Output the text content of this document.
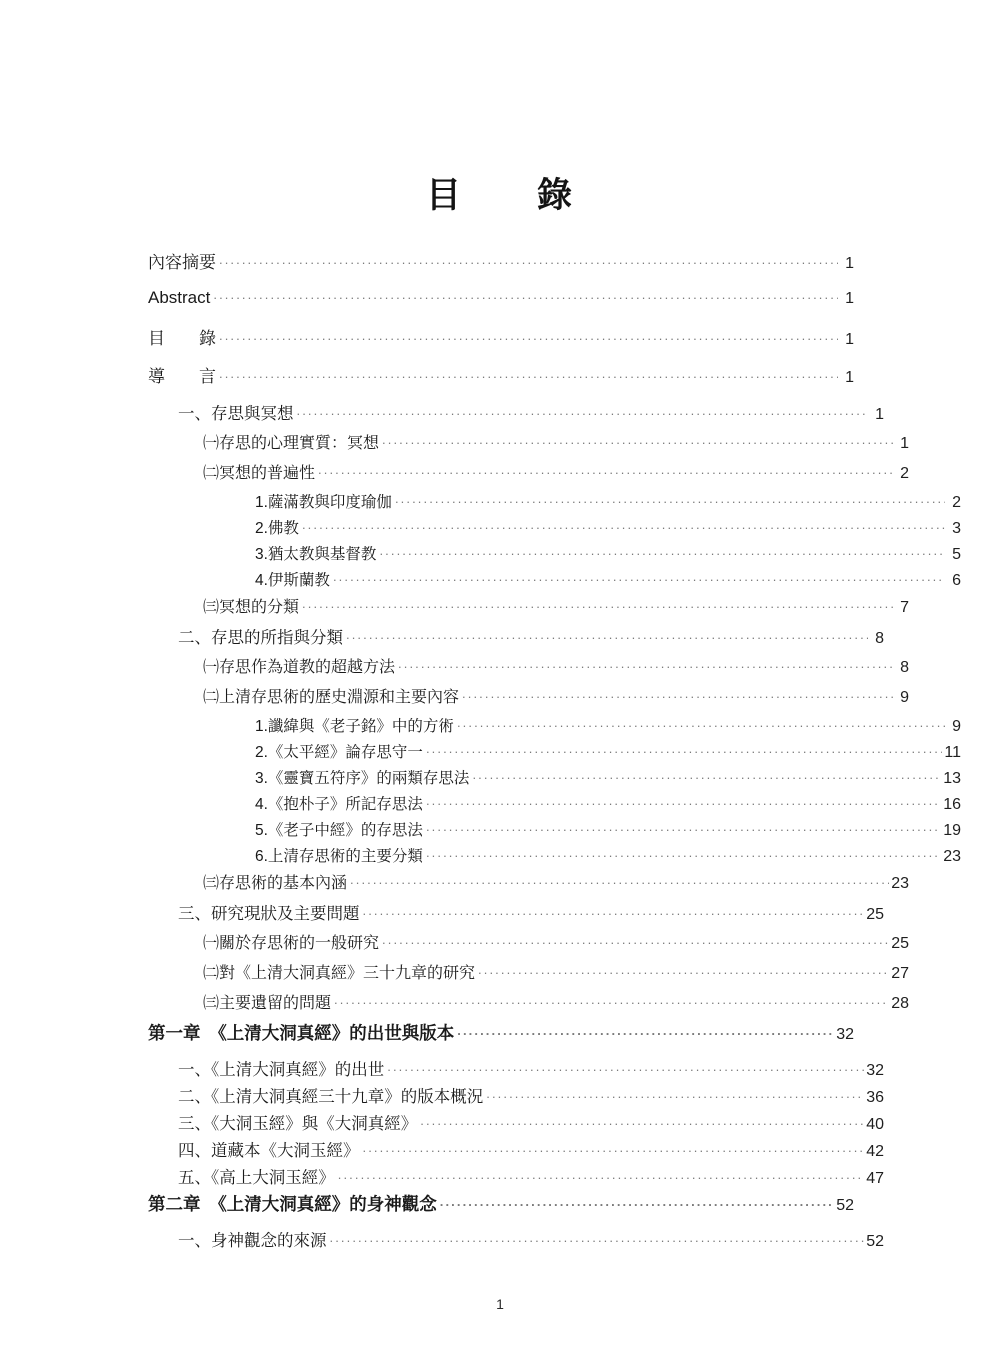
目　　錄
內容摘要 .....	1
Abstract .....	1
目　　錄 .....	1
導　　言 .....	1
一、存思與冥想 .....	1
㈠存思的心理實質：冥想 .....	1
㈡冥想的普遍性 .....	2
1.薩滿教與印度瑜伽 .....	2
2.佛教 .....	3
3.猶太教與基督教 .....	5
4.伊斯蘭教 .....	6
㈢冥想的分類 .....	7
二、存思的所指與分類 .....	8
㈠存思作為道教的超越方法 .....	8
㈡上清存思術的歷史淵源和主要內容 .....	9
1.讖緯與《老子銘》中的方術 .....	9
2.《太平經》論存思守一 .....	11
3.《靈寶五符序》的兩類存思法 .....	13
4.《抱朴子》所記存思法 .....	16
5.《老子中經》的存思法 .....	19
6.上清存思術的主要分類 .....	23
㈢存思術的基本內涵 .....	23
三、研究現狀及主要問題 .....	25
㈠關於存思術的一般研究 .....	25
㈡對《上清大洞真經》三十九章的研究 .....	27
㈢主要遺留的問題 .....	28
第一章　《上清大洞真經》的出世與版本 .....	32
一、《上清大洞真經》的出世 .....	32
二、《上清大洞真經三十九章》的版本概況 .....	36
三、《大洞玉經》與《大洞真經》 .....	40
四、道藏本《大洞玉經》 .....	42
五、《高上大洞玉經》 .....	47
第二章　《上清大洞真經》的身神觀念 .....	52
一、身神觀念的來源 .....	52
1
